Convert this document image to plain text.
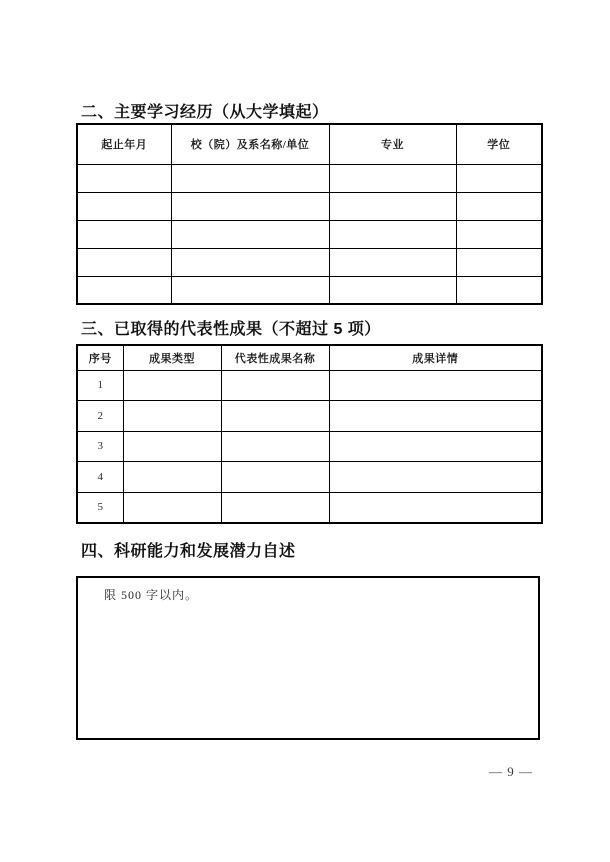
二、主要学习经历（从大学填起）
起止年月	校（院）及系名称/单位	专业	学位

三、已取得的代表性成果（不超过 5 项）
序号	成果类型	代表性成果名称	成果详情
1			
2			
3			
4			
5			
四、科研能力和发展潜力自述
限 500 字以内。
— 9 —
